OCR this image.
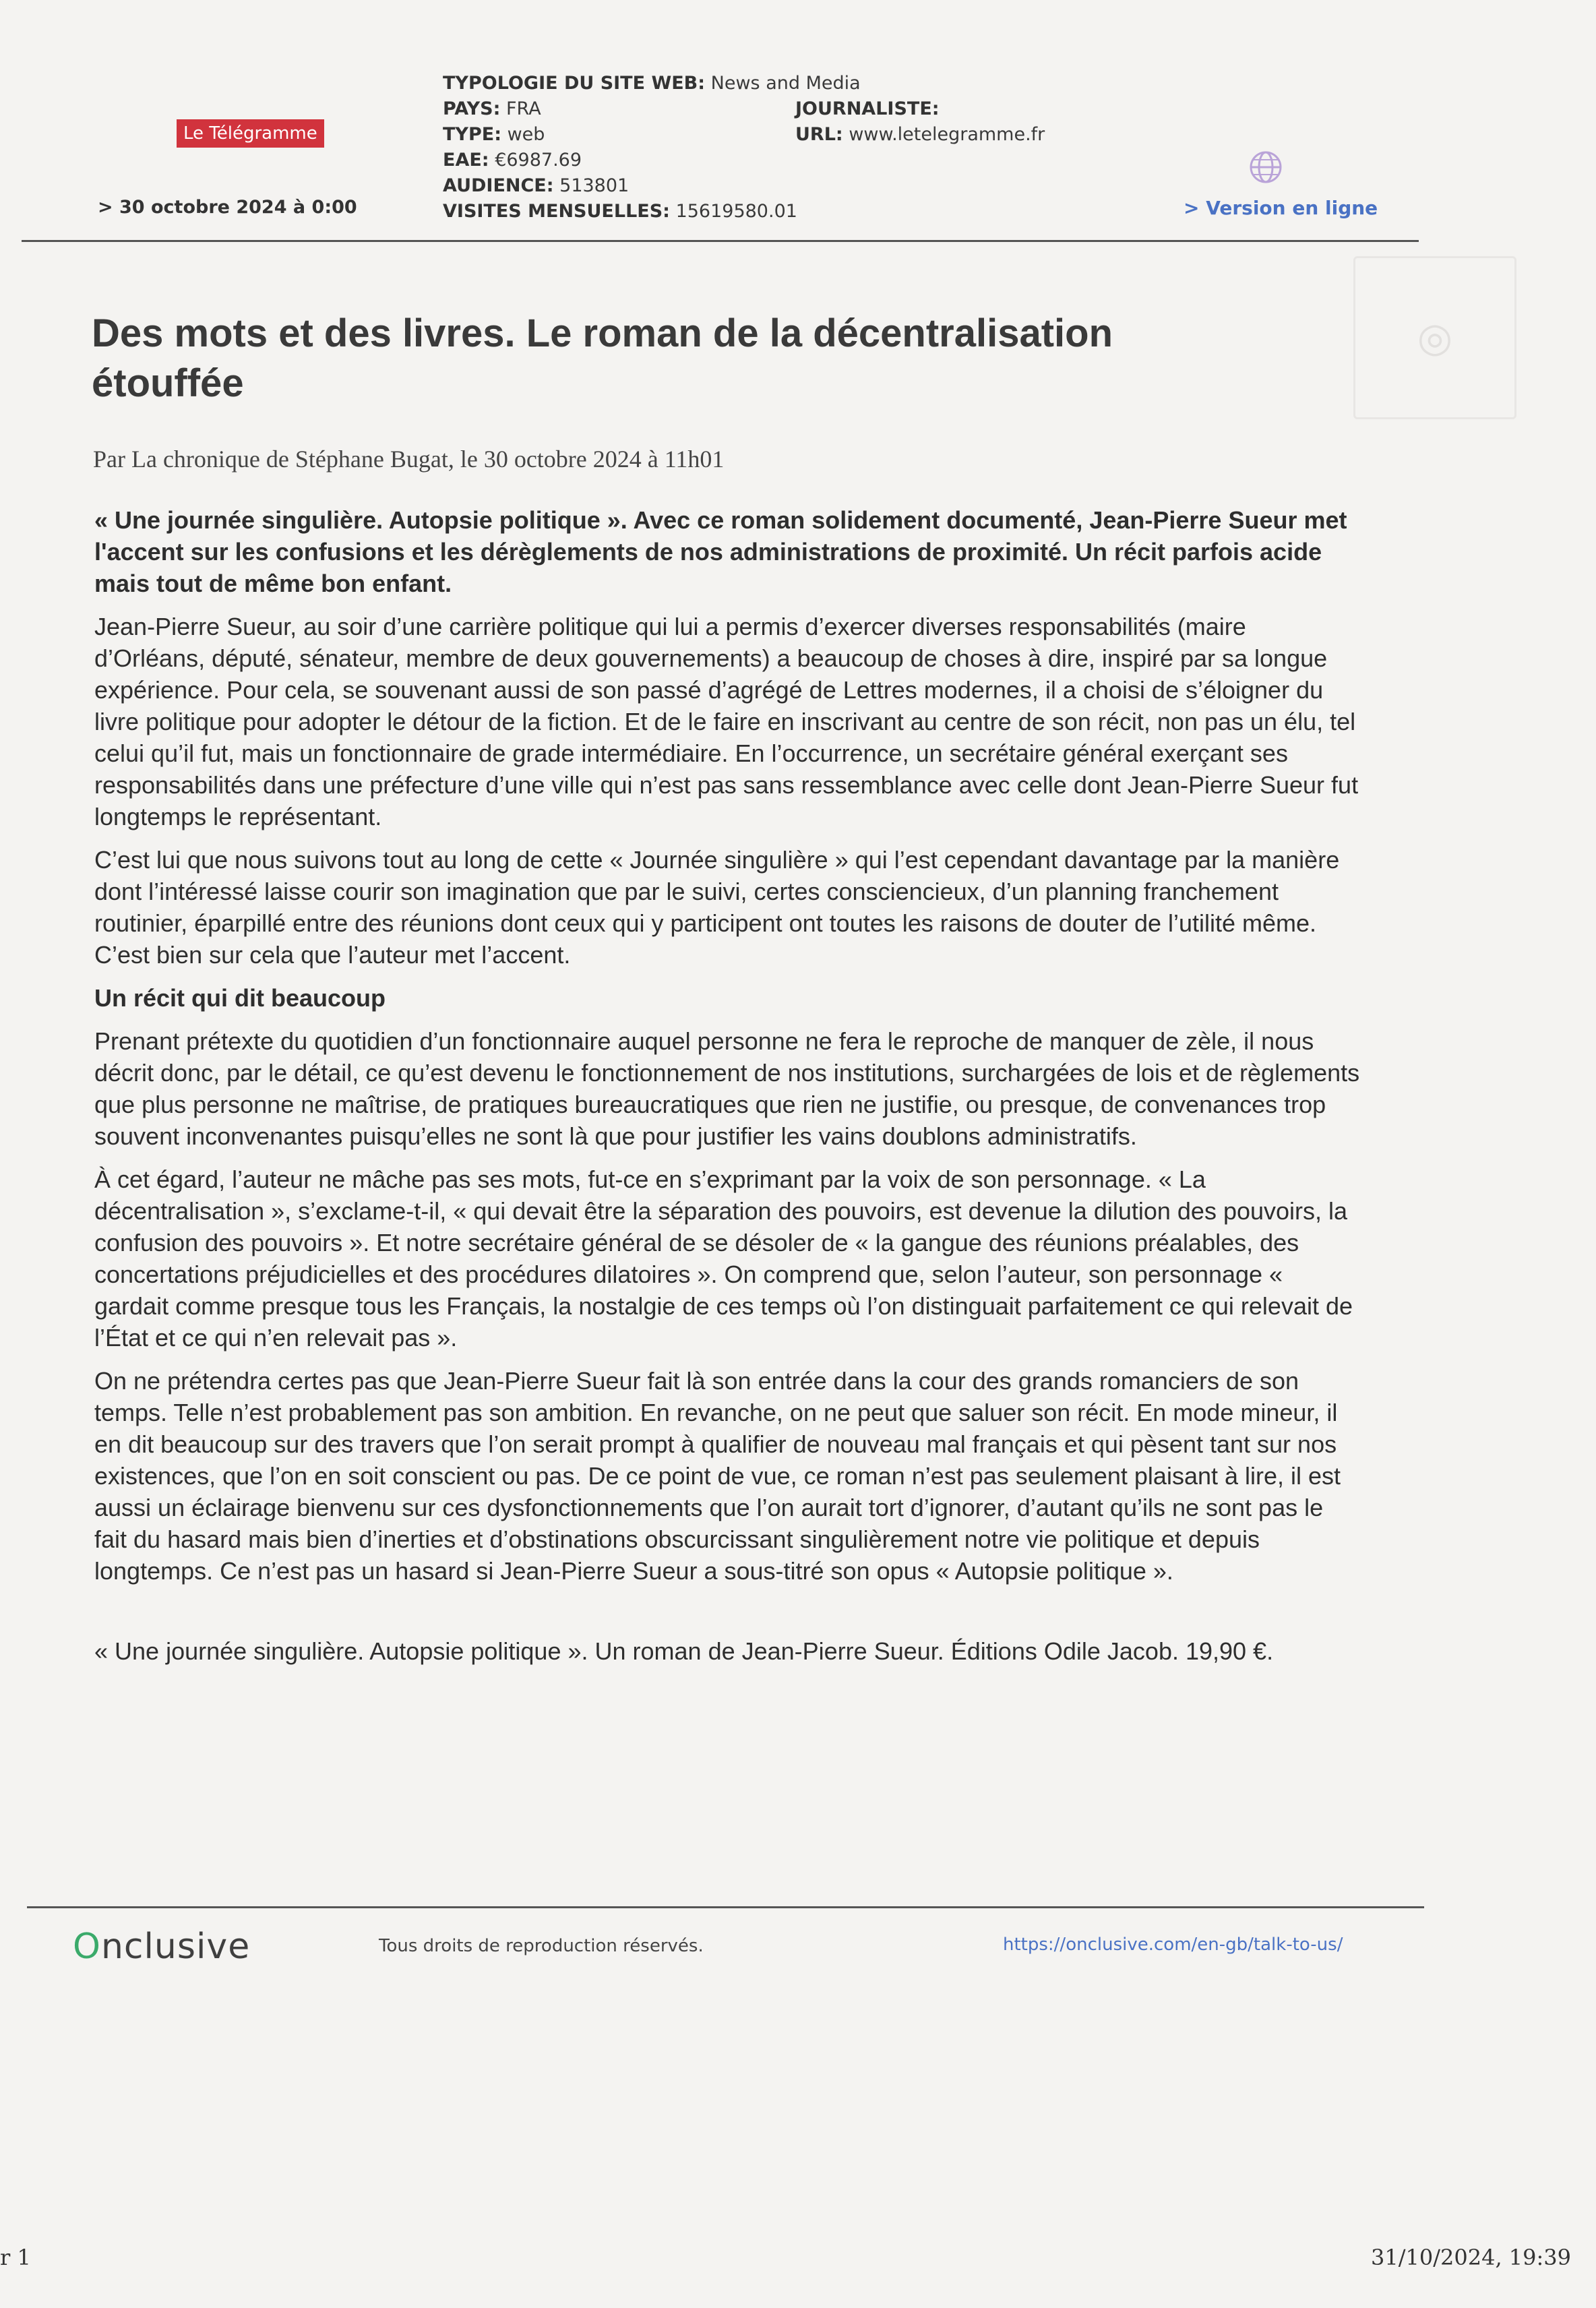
◎
Le Télégramme
> 30 octobre 2024 à 0:00
TYPOLOGIE DU SITE WEB: News and Media
PAYS: FRA
TYPE: web
EAE: €6987.69
AUDIENCE: 513801
VISITES MENSUELLES: 15619580.01
JOURNALISTE:
URL: www.letelegramme.fr
> Version en ligne
Des mots et des livres. Le roman de la décentralisation étouffée
Par La chronique de Stéphane Bugat, le 30 octobre 2024 à 11h01

« Une journée singulière. Autopsie politique ». Avec ce roman solidement documenté, Jean-Pierre Sueur met l'accent sur les confusions et les dérèglements de nos administrations de proximité. Un récit parfois acide mais tout de même bon enfant.

Jean-Pierre Sueur, au soir d’une carrière politique qui lui a permis d’exercer diverses responsabilités (maire d’Orléans, député, sénateur, membre de deux gouvernements) a beaucoup de choses à dire, inspiré par sa longue expérience. Pour cela, se souvenant aussi de son passé d’agrégé de Lettres modernes, il a choisi de s’éloigner du livre politique pour adopter le détour de la fiction. Et de le faire en inscrivant au centre de son récit, non pas un élu, tel celui qu’il fut, mais un fonctionnaire de grade intermédiaire. En l’occurrence, un secrétaire général exerçant ses responsabilités dans une préfecture d’une ville qui n’est pas sans ressemblance avec celle dont Jean-Pierre Sueur fut longtemps le représentant.

C’est lui que nous suivons tout au long de cette « Journée singulière » qui l’est cependant davantage par la manière dont l’intéressé laisse courir son imagination que par le suivi, certes consciencieux, d’un planning franchement routinier, éparpillé entre des réunions dont ceux qui y participent ont toutes les raisons de douter de l’utilité même. C’est bien sur cela que l’auteur met l’accent.

Un récit qui dit beaucoup

Prenant prétexte du quotidien d’un fonctionnaire auquel personne ne fera le reproche de manquer de zèle, il nous décrit donc, par le détail, ce qu’est devenu le fonctionnement de nos institutions, surchargées de lois et de règlements que plus personne ne maîtrise, de pratiques bureaucratiques que rien ne justifie, ou presque, de convenances trop souvent inconvenantes puisqu’elles ne sont là que pour justifier les vains doublons administratifs.

À cet égard, l’auteur ne mâche pas ses mots, fut-ce en s’exprimant par la voix de son personnage. « La décentralisation », s’exclame-t-il, « qui devait être la séparation des pouvoirs, est devenue la dilution des pouvoirs, la confusion des pouvoirs ». Et notre secrétaire général de se désoler de « la gangue des réunions préalables, des concertations préjudicielles et des procédures dilatoires ». On comprend que, selon l’auteur, son personnage « gardait comme presque tous les Français, la nostalgie de ces temps où l’on distinguait parfaitement ce qui relevait de l’État et ce qui n’en relevait pas ».

On ne prétendra certes pas que Jean-Pierre Sueur fait là son entrée dans la cour des grands romanciers de son temps. Telle n’est probablement pas son ambition. En revanche, on ne peut que saluer son récit. En mode mineur, il en dit beaucoup sur des travers que l’on serait prompt à qualifier de nouveau mal français et qui pèsent tant sur nos existences, que l’on en soit conscient ou pas. De ce point de vue, ce roman n’est pas seulement plaisant à lire, il est aussi un éclairage bienvenu sur ces dysfonctionnements que l’on aurait tort d’ignorer, d’autant qu’ils ne sont pas le fait du hasard mais bien d’inerties et d’obstinations obscurcissant singulièrement notre vie politique et depuis longtemps. Ce n’est pas un hasard si Jean-Pierre Sueur a sous-titré son opus « Autopsie politique ».

« Une journée singulière. Autopsie politique ». Un roman de Jean-Pierre Sueur. Éditions Odile Jacob. 19,90 €.

Onclusive	Tous droits de reproduction réservés.	https://onclusive.com/en-gb/talk-to-us/
r 1	31/10/2024, 19:39
